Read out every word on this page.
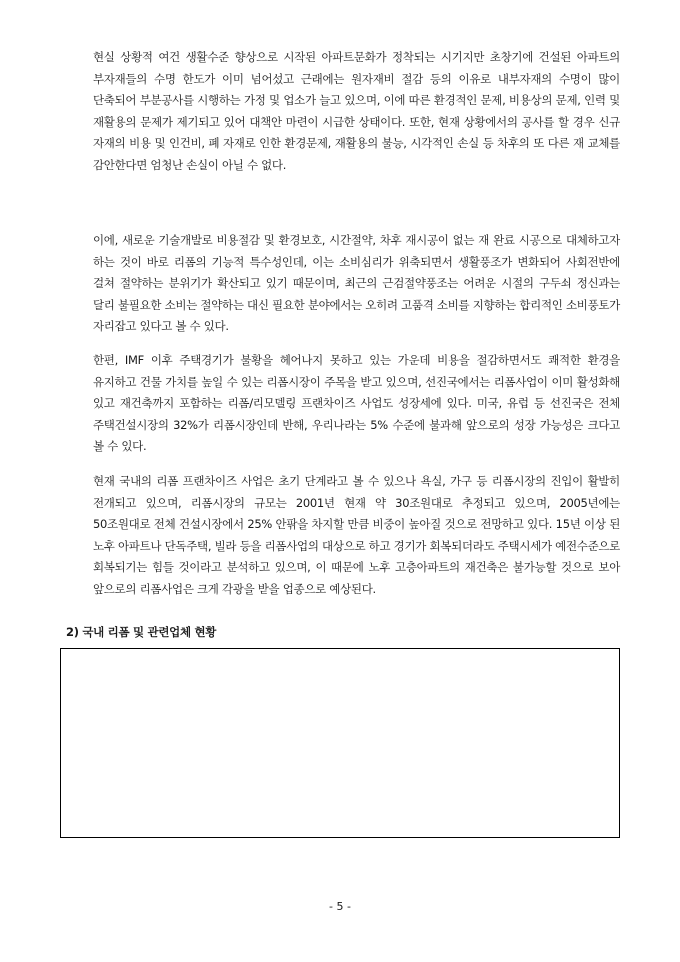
현실 상황적 여건 생활수준 향상으로 시작된 아파트문화가 정착되는 시기지만 초창기에 건설된 아파트의 부자재들의 수명 한도가 이미 넘어섰고 근래에는 원자재비 절감 등의 이유로 내부자재의 수명이 많이 단축되어 부분공사를 시행하는 가정 및 업소가 늘고 있으며, 이에 따른 환경적인 문제, 비용상의 문제, 인력 및 재활용의 문제가 제기되고 있어 대책안 마련이 시급한 상태이다. 또한, 현재 상황에서의 공사를 할 경우 신규 자재의 비용 및 인건비, 폐 자재로 인한 환경문제, 재활용의 불능, 시각적인 손실 등 차후의 또 다른 재 교체를 감안한다면 엄청난 손실이 아닐 수 없다.

이에, 새로운 기술개발로 비용절감 및 환경보호, 시간절약, 차후 재시공이 없는 재 완료 시공으로 대체하고자 하는 것이 바로 리폼의 기능적 특수성인데, 이는 소비심리가 위축되면서 생활풍조가 변화되어 사회전반에 걸쳐 절약하는 분위기가 확산되고 있기 때문이며, 최근의 근검절약풍조는 어려운 시절의 구두쇠 정신과는 달리 불필요한 소비는 절약하는 대신 필요한 분야에서는 오히려 고품격 소비를 지향하는 합리적인 소비풍토가 자리잡고 있다고 볼 수 있다.

한편, IMF 이후 주택경기가 불황을 헤어나지 못하고 있는 가운데 비용을 절감하면서도 쾌적한 환경을 유지하고 건물 가치를 높일 수 있는 리폼시장이 주목을 받고 있으며, 선진국에서는 리폼사업이 이미 활성화해 있고 재건축까지 포함하는 리폼/리모델링 프랜차이즈 사업도 성장세에 있다. 미국, 유럽 등 선진국은 전체 주택건설시장의 32%가 리폼시장인데 반해, 우리나라는 5% 수준에 불과해 앞으로의 성장 가능성은 크다고 볼 수 있다.

현재 국내의 리폼 프랜차이즈 사업은 초기 단계라고 볼 수 있으나 욕실, 가구 등 리폼시장의 진입이 활발히 전개되고 있으며, 리폼시장의 규모는 2001년 현재 약 30조원대로 추정되고 있으며, 2005년에는 50조원대로 전체 건설시장에서 25% 안팎을 차지할 만큼 비중이 높아질 것으로 전망하고 있다. 15년 이상 된 노후 아파트나 단독주택, 빌라 등을 리폼사업의 대상으로 하고 경기가 회복되더라도 주택시세가 예전수준으로 회복되기는 힘들 것이라고 분석하고 있으며, 이 때문에 노후 고층아파트의 재건축은 불가능할 것으로 보아 앞으로의 리폼사업은 크게 각광을 받을 업종으로 예상된다.

2) 국내 리폼 및 관련업체 현황
- 5 -
